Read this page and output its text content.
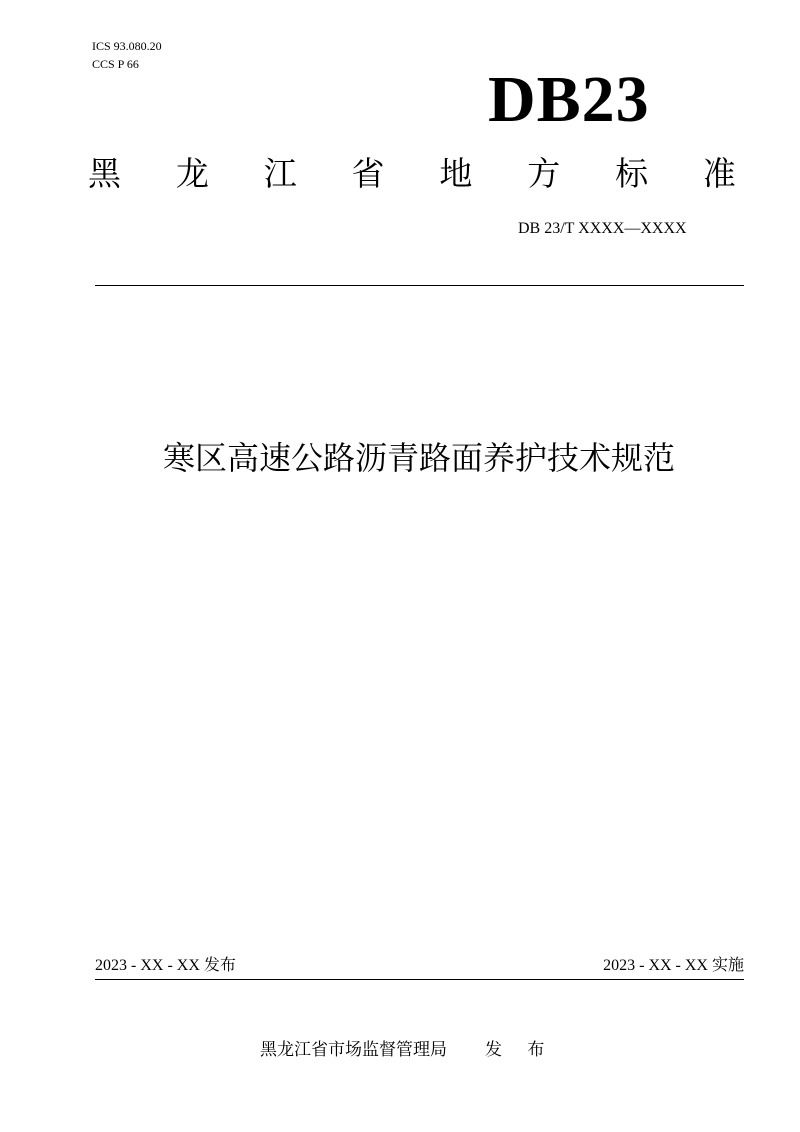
ICS 93.080.20
CCS P 66	DB23
黑 龙 江 省 地 方 标 准
DB 23/T XXXX—XXXX
寒区高速公路沥青路面养护技术规范
2023 - XX - XX 发布	2023 - XX - XX 实施
黑龙江省市场监督管理局 发 布
